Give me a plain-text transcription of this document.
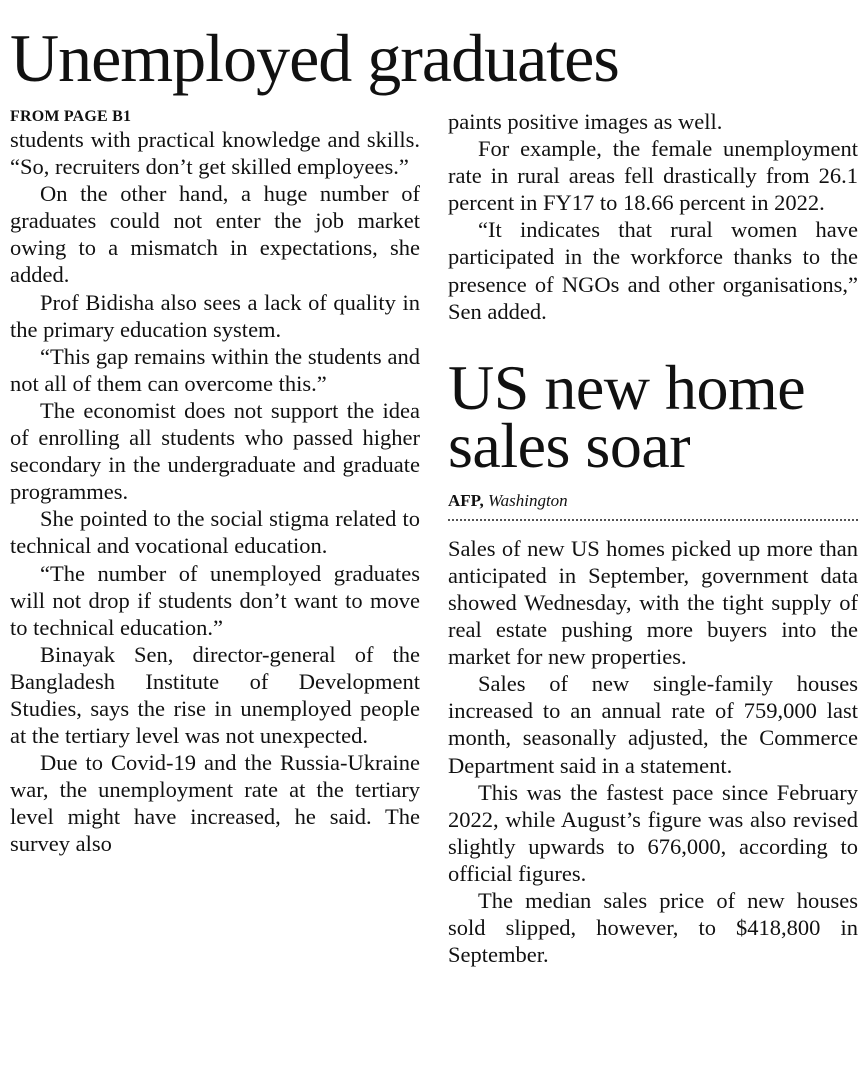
Unemployed graduates
FROM PAGE B1

students with practical knowledge and skills. “So, recruiters don’t get skilled employees.”

On the other hand, a huge number of graduates could not enter the job market owing to a mismatch in expectations, she added.

Prof Bidisha also sees a lack of quality in the primary education system.

“This gap remains within the students and not all of them can overcome this.”

The economist does not support the idea of enrolling all students who passed higher secondary in the undergraduate and graduate programmes.

She pointed to the social stigma related to technical and vocational education.

“The number of unemployed graduates will not drop if students don’t want to move to technical education.”

Binayak Sen, director-general of the Bangladesh Institute of Development Studies, says the rise in unemployed people at the tertiary level was not unexpected.

Due to Covid-19 and the Russia-Ukraine war, the unemployment rate at the tertiary level might have increased, he said. The survey also

paints positive images as well.

For example, the female unemployment rate in rural areas fell drastically from 26.1 percent in FY17 to 18.66 percent in 2022.

“It indicates that rural women have participated in the workforce thanks to the presence of NGOs and other organisations,” Sen added.

US new home
sales soar
AFP, Washington

Sales of new US homes picked up more than anticipated in September, government data showed Wednesday, with the tight supply of real estate pushing more buyers into the market for new properties.

Sales of new single-family houses increased to an annual rate of 759,000 last month, seasonally adjusted, the Commerce Department said in a statement.

This was the fastest pace since February 2022, while August’s figure was also revised slightly upwards to 676,000, according to official figures.

The median sales price of new houses sold slipped, however, to $418,800 in September.
